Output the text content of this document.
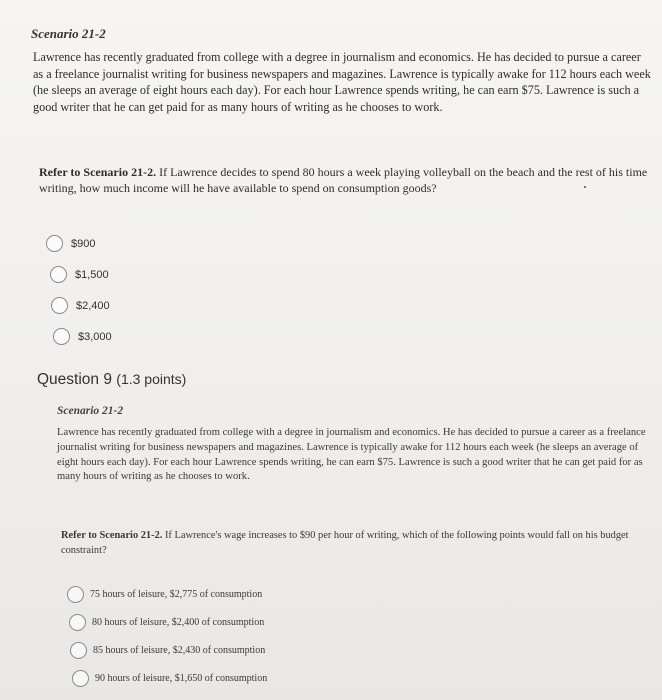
Scenario 21-2
Lawrence has recently graduated from college with a degree in journalism and economics. He has decided to pursue a career as a freelance journalist writing for business newspapers and magazines. Lawrence is typically awake for 112 hours each week (he sleeps an average of eight hours each day). For each hour Lawrence spends writing, he can earn $75. Lawrence is such a good writer that he can get paid for as many hours of writing as he chooses to work.
Refer to Scenario 21-2. If Lawrence decides to spend 80 hours a week playing volleyball on the beach and the rest of his time writing, how much income will he have available to spend on consumption goods?
$900
$1,500
$2,400
$3,000
Question 9 (1.3 points)
Scenario 21-2
Lawrence has recently graduated from college with a degree in journalism and economics. He has decided to pursue a career as a freelance journalist writing for business newspapers and magazines. Lawrence is typically awake for 112 hours each week (he sleeps an average of eight hours each day). For each hour Lawrence spends writing, he can earn $75. Lawrence is such a good writer that he can get paid for as many hours of writing as he chooses to work.
Refer to Scenario 21-2. If Lawrence's wage increases to $90 per hour of writing, which of the following points would fall on his budget constraint?
75 hours of leisure, $2,775 of consumption
80 hours of leisure, $2,400 of consumption
85 hours of leisure, $2,430 of consumption
90 hours of leisure, $1,650 of consumption
